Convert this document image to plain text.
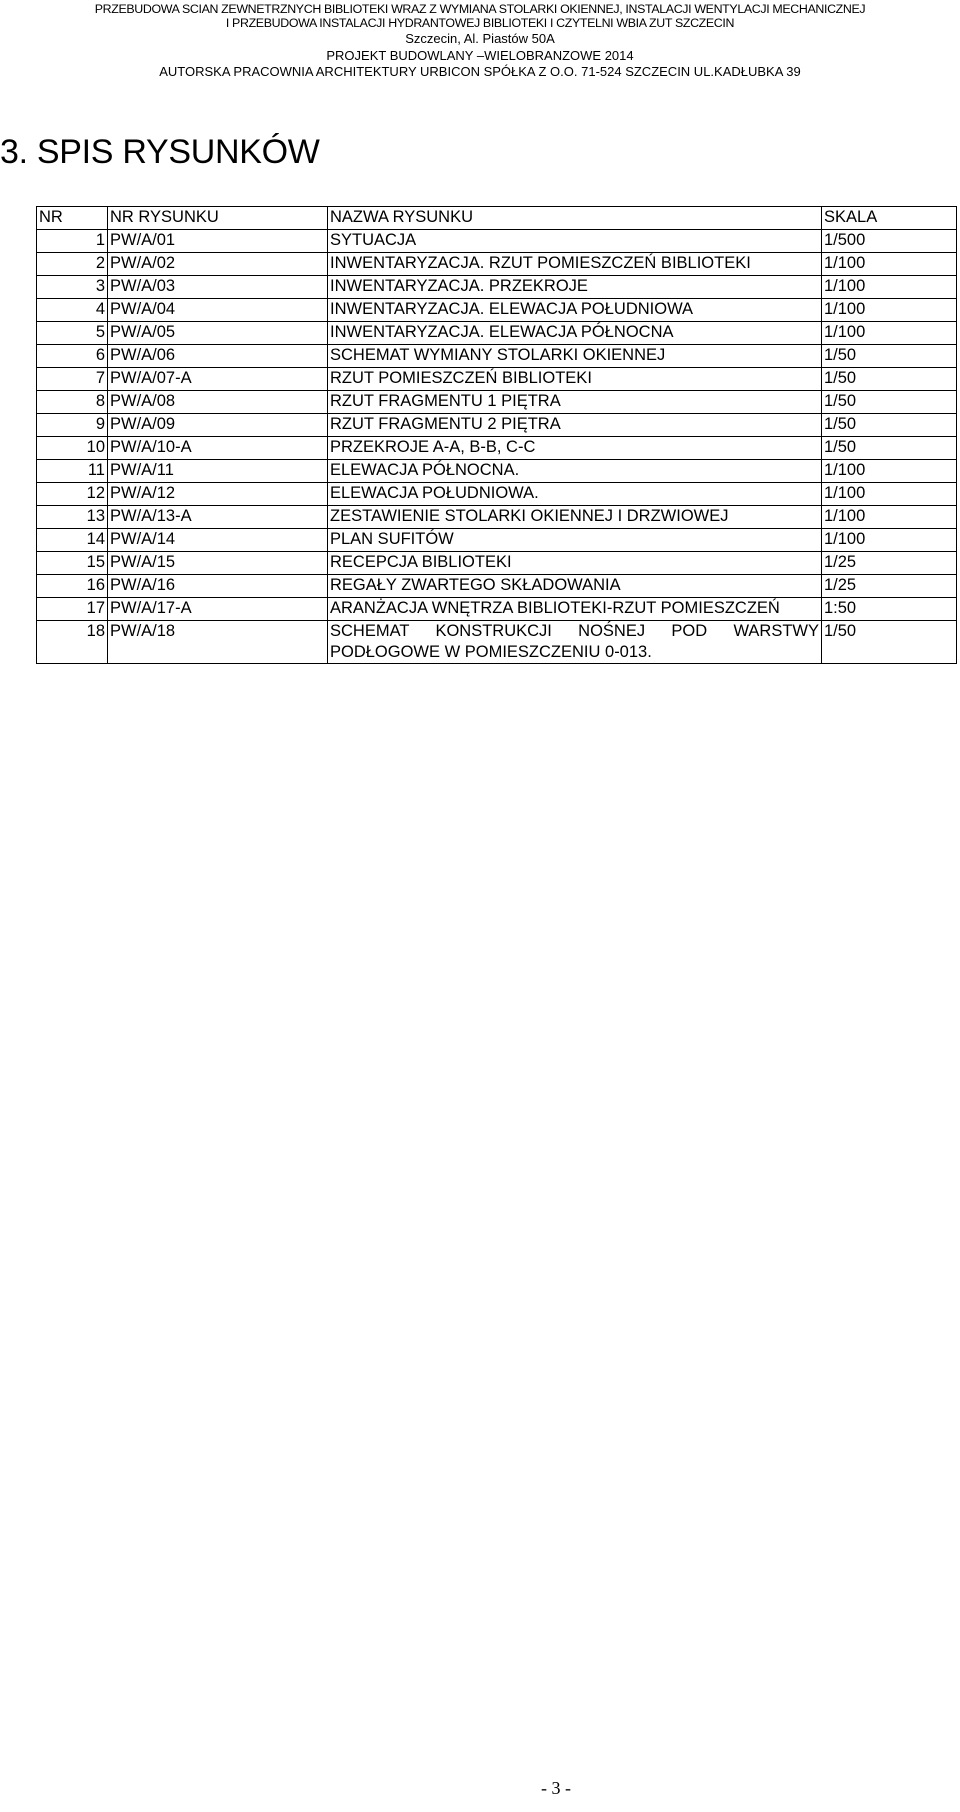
PRZEBUDOWA SCIAN ZEWNETRZNYCH BIBLIOTEKI WRAZ Z WYMIANA STOLARKI OKIENNEJ, INSTALACJI WENTYLACJI MECHANICZNEJ
I PRZEBUDOWA INSTALACJI HYDRANTOWEJ BIBLIOTEKI I CZYTELNI WBIA ZUT SZCZECIN
Szczecin, Al. Piastów 50A
PROJEKT BUDOWLANY –WIELOBRANZOWE 2014
AUTORSKA PRACOWNIA ARCHITEKTURY URBICON SPÓŁKA Z O.O. 71-524 SZCZECIN UL.KADŁUBKA 39
3. SPIS RYSUNKÓW
NR	NR RYSUNKU	NAZWA RYSUNKU	SKALA
1	PW/A/01	SYTUACJA	1/500
2	PW/A/02	INWENTARYZACJA. RZUT POMIESZCZEŃ BIBLIOTEKI	1/100
3	PW/A/03	INWENTARYZACJA. PRZEKROJE	1/100
4	PW/A/04	INWENTARYZACJA. ELEWACJA POŁUDNIOWA	1/100
5	PW/A/05	INWENTARYZACJA. ELEWACJA PÓŁNOCNA	1/100
6	PW/A/06	SCHEMAT WYMIANY STOLARKI OKIENNEJ	1/50
7	PW/A/07-A	RZUT POMIESZCZEŃ BIBLIOTEKI	1/50
8	PW/A/08	RZUT FRAGMENTU 1 PIĘTRA	1/50
9	PW/A/09	RZUT FRAGMENTU 2 PIĘTRA	1/50
10	PW/A/10-A	PRZEKROJE A-A, B-B, C-C	1/50
11	PW/A/11	ELEWACJA PÓŁNOCNA.	1/100
12	PW/A/12	ELEWACJA POŁUDNIOWA.	1/100
13	PW/A/13-A	ZESTAWIENIE STOLARKI OKIENNEJ I DRZWIOWEJ	1/100
14	PW/A/14	PLAN SUFITÓW	1/100
15	PW/A/15	RECEPCJA BIBLIOTEKI	1/25
16	PW/A/16	REGAŁY ZWARTEGO SKŁADOWANIA	1/25
17	PW/A/17-A	ARANŻACJA WNĘTRZA BIBLIOTEKI-RZUT POMIESZCZEŃ	1:50
18	PW/A/18	SCHEMAT KONSTRUKCJI NOŚNEJ POD WARSTWY PODŁOGOWE W POMIESZCZENIU 0-013.	1/50
- 3 -
